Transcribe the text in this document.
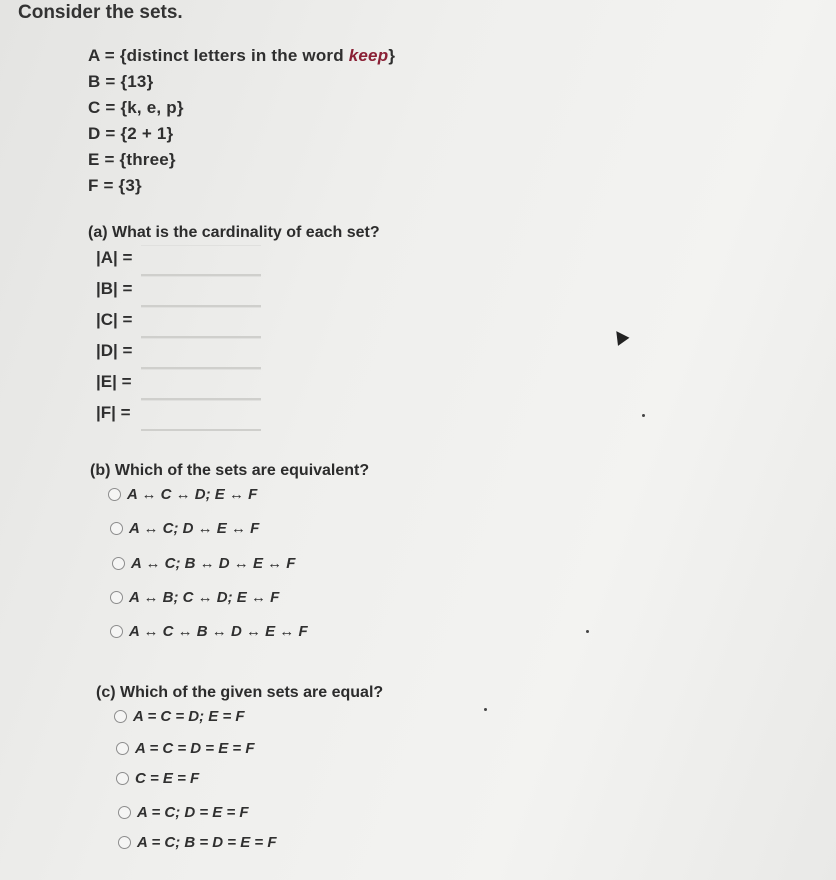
Consider the sets.
A = {distinct letters in the word keep}
B = {13}
C = {k, e, p}
D = {2 + 1}
E = {three}
F = {3}
(a) What is the cardinality of each set?
|A| =
|B| =
|C| =
|D| =
|E| =
|F| =
(b) Which of the sets are equivalent?
A ↔ C ↔ D; E ↔ F
A ↔ C; D ↔ E ↔ F
A ↔ C; B ↔ D ↔ E ↔ F
A ↔ B; C ↔ D; E ↔ F
A ↔ C ↔ B ↔ D ↔ E ↔ F
(c) Which of the given sets are equal?
A = C = D; E = F
A = C = D = E = F
C = E = F
A = C; D = E = F
A = C; B = D = E = F
